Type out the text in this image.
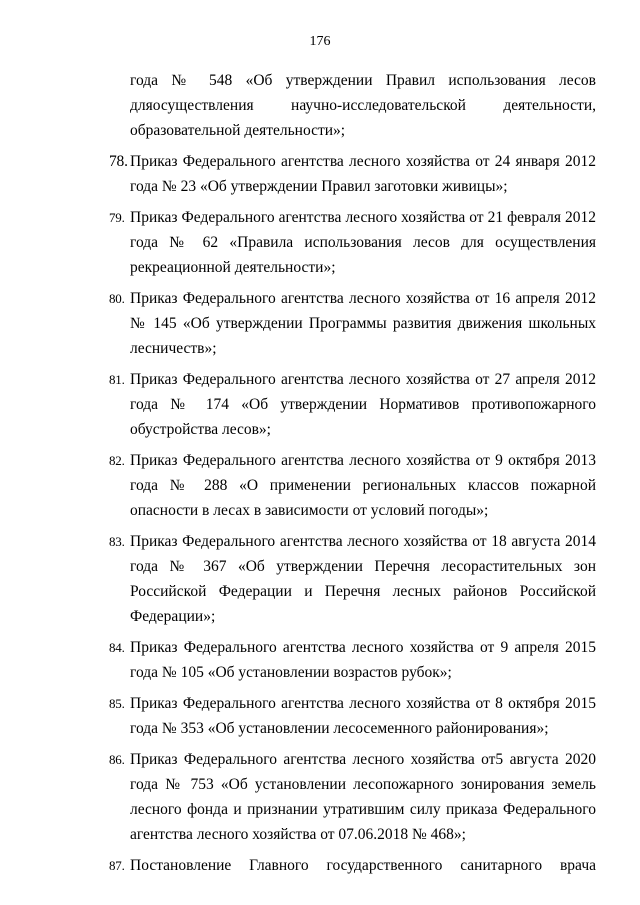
176
года № 548 «Об утверждении Правил использования лесов дляосуществления научно-исследовательской деятельности, образовательной деятельности»;
78. Приказ Федерального агентства лесного хозяйства от 24 января 2012 года № 23 «Об утверждении Правил заготовки живицы»;
79. Приказ Федерального агентства лесного хозяйства от 21 февраля 2012 года № 62 «Правила использования лесов для осуществления рекреационной деятельности»;
80. Приказ Федерального агентства лесного хозяйства от 16 апреля 2012 № 145 «Об утверждении Программы развития движения школьных лесничеств»;
81. Приказ Федерального агентства лесного хозяйства от 27 апреля 2012 года № 174 «Об утверждении Нормативов противопожарного обустройства лесов»;
82. Приказ Федерального агентства лесного хозяйства от 9 октября 2013 года № 288 «О применении региональных классов пожарной опасности в лесах в зависимости от условий погоды»;
83. Приказ Федерального агентства лесного хозяйства от 18 августа 2014 года № 367 «Об утверждении Перечня лесорастительных зон Российской Федерации и Перечня лесных районов Российской Федерации»;
84. Приказ Федерального агентства лесного хозяйства от 9 апреля 2015 года № 105 «Об установлении возрастов рубок»;
85. Приказ Федерального агентства лесного хозяйства от 8 октября 2015 года № 353 «Об установлении лесосеменного районирования»;
86. Приказ Федерального агентства лесного хозяйства от5 августа 2020 года № 753 «Об установлении лесопожарного зонирования земель лесного фонда и признании утратившим силу приказа Федерального агентства лесного хозяйства от 07.06.2018 № 468»;
87. Постановление Главного государственного санитарного врача
